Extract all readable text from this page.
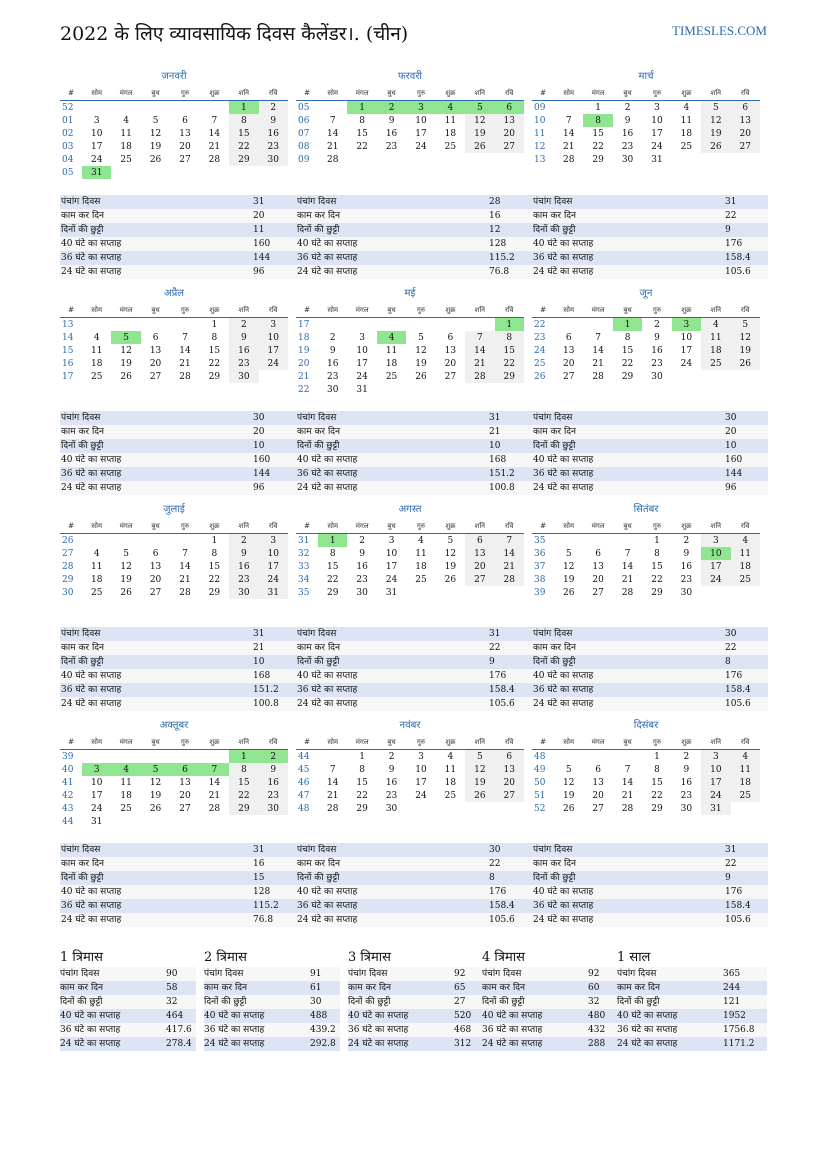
2022 के लिए व्यावसायिक दिवस कैलेंडर।. (चीन)	TIMESLES.COM
जनवरी
#	सोम	मंगल	बुध	गुरु	शुक्र	शनि	रवि
52						1	2
01	3	4	5	6	7	8	9
02	10	11	12	13	14	15	16
03	17	18	19	20	21	22	23
04	24	25	26	27	28	29	30
05	31						
पंचांग दिवस	31
काम कर दिन	20
दिनों की छुट्टी	11
40 घंटे का सप्ताह	160
36 घंटे का सप्ताह	144
24 घंटे का सप्ताह	96
फरवरी
#	सोम	मंगल	बुध	गुरु	शुक्र	शनि	रवि
05		1	2	3	4	5	6
06	7	8	9	10	11	12	13
07	14	15	16	17	18	19	20
08	21	22	23	24	25	26	27
09	28						
पंचांग दिवस	28
काम कर दिन	16
दिनों की छुट्टी	12
40 घंटे का सप्ताह	128
36 घंटे का सप्ताह	115.2
24 घंटे का सप्ताह	76.8
मार्च
#	सोम	मंगल	बुध	गुरु	शुक्र	शनि	रवि
09		1	2	3	4	5	6
10	7	8	9	10	11	12	13
11	14	15	16	17	18	19	20
12	21	22	23	24	25	26	27
13	28	29	30	31			
पंचांग दिवस	31
काम कर दिन	22
दिनों की छुट्टी	9
40 घंटे का सप्ताह	176
36 घंटे का सप्ताह	158.4
24 घंटे का सप्ताह	105.6
अप्रैल
#	सोम	मंगल	बुध	गुरु	शुक्र	शनि	रवि
13					1	2	3
14	4	5	6	7	8	9	10
15	11	12	13	14	15	16	17
16	18	19	20	21	22	23	24
17	25	26	27	28	29	30	
पंचांग दिवस	30
काम कर दिन	20
दिनों की छुट्टी	10
40 घंटे का सप्ताह	160
36 घंटे का सप्ताह	144
24 घंटे का सप्ताह	96
मई
#	सोम	मंगल	बुध	गुरु	शुक्र	शनि	रवि
17							1
18	2	3	4	5	6	7	8
19	9	10	11	12	13	14	15
20	16	17	18	19	20	21	22
21	23	24	25	26	27	28	29
22	30	31					
पंचांग दिवस	31
काम कर दिन	21
दिनों की छुट्टी	10
40 घंटे का सप्ताह	168
36 घंटे का सप्ताह	151.2
24 घंटे का सप्ताह	100.8
जून
#	सोम	मंगल	बुध	गुरु	शुक्र	शनि	रवि
22			1	2	3	4	5
23	6	7	8	9	10	11	12
24	13	14	15	16	17	18	19
25	20	21	22	23	24	25	26
26	27	28	29	30			
पंचांग दिवस	30
काम कर दिन	20
दिनों की छुट्टी	10
40 घंटे का सप्ताह	160
36 घंटे का सप्ताह	144
24 घंटे का सप्ताह	96
जुलाई
#	सोम	मंगल	बुध	गुरु	शुक्र	शनि	रवि
26					1	2	3
27	4	5	6	7	8	9	10
28	11	12	13	14	15	16	17
29	18	19	20	21	22	23	24
30	25	26	27	28	29	30	31
पंचांग दिवस	31
काम कर दिन	21
दिनों की छुट्टी	10
40 घंटे का सप्ताह	168
36 घंटे का सप्ताह	151.2
24 घंटे का सप्ताह	100.8
अगस्त
#	सोम	मंगल	बुध	गुरु	शुक्र	शनि	रवि
31	1	2	3	4	5	6	7
32	8	9	10	11	12	13	14
33	15	16	17	18	19	20	21
34	22	23	24	25	26	27	28
35	29	30	31				
पंचांग दिवस	31
काम कर दिन	22
दिनों की छुट्टी	9
40 घंटे का सप्ताह	176
36 घंटे का सप्ताह	158.4
24 घंटे का सप्ताह	105.6
सितंबर
#	सोम	मंगल	बुध	गुरु	शुक्र	शनि	रवि
35				1	2	3	4
36	5	6	7	8	9	10	11
37	12	13	14	15	16	17	18
38	19	20	21	22	23	24	25
39	26	27	28	29	30		
पंचांग दिवस	30
काम कर दिन	22
दिनों की छुट्टी	8
40 घंटे का सप्ताह	176
36 घंटे का सप्ताह	158.4
24 घंटे का सप्ताह	105.6
अक्तूबर
#	सोम	मंगल	बुध	गुरु	शुक्र	शनि	रवि
39						1	2
40	3	4	5	6	7	8	9
41	10	11	12	13	14	15	16
42	17	18	19	20	21	22	23
43	24	25	26	27	28	29	30
44	31						
पंचांग दिवस	31
काम कर दिन	16
दिनों की छुट्टी	15
40 घंटे का सप्ताह	128
36 घंटे का सप्ताह	115.2
24 घंटे का सप्ताह	76.8
नवंबर
#	सोम	मंगल	बुध	गुरु	शुक्र	शनि	रवि
44		1	2	3	4	5	6
45	7	8	9	10	11	12	13
46	14	15	16	17	18	19	20
47	21	22	23	24	25	26	27
48	28	29	30				
पंचांग दिवस	30
काम कर दिन	22
दिनों की छुट्टी	8
40 घंटे का सप्ताह	176
36 घंटे का सप्ताह	158.4
24 घंटे का सप्ताह	105.6
दिसंबर
#	सोम	मंगल	बुध	गुरु	शुक्र	शनि	रवि
48				1	2	3	4
49	5	6	7	8	9	10	11
50	12	13	14	15	16	17	18
51	19	20	21	22	23	24	25
52	26	27	28	29	30	31	
पंचांग दिवस	31
काम कर दिन	22
दिनों की छुट्टी	9
40 घंटे का सप्ताह	176
36 घंटे का सप्ताह	158.4
24 घंटे का सप्ताह	105.6
1 त्रिमास
पंचांग दिवस	90
काम कर दिन	58
दिनों की छुट्टी	32
40 घंटे का सप्ताह	464
36 घंटे का सप्ताह	417.6
24 घंटे का सप्ताह	278.4
2 त्रिमास
पंचांग दिवस	91
काम कर दिन	61
दिनों की छुट्टी	30
40 घंटे का सप्ताह	488
36 घंटे का सप्ताह	439.2
24 घंटे का सप्ताह	292.8
3 त्रिमास
पंचांग दिवस	92
काम कर दिन	65
दिनों की छुट्टी	27
40 घंटे का सप्ताह	520
36 घंटे का सप्ताह	468
24 घंटे का सप्ताह	312
4 त्रिमास
पंचांग दिवस	92
काम कर दिन	60
दिनों की छुट्टी	32
40 घंटे का सप्ताह	480
36 घंटे का सप्ताह	432
24 घंटे का सप्ताह	288
1 साल
पंचांग दिवस	365
काम कर दिन	244
दिनों की छुट्टी	121
40 घंटे का सप्ताह	1952
36 घंटे का सप्ताह	1756.8
24 घंटे का सप्ताह	1171.2
